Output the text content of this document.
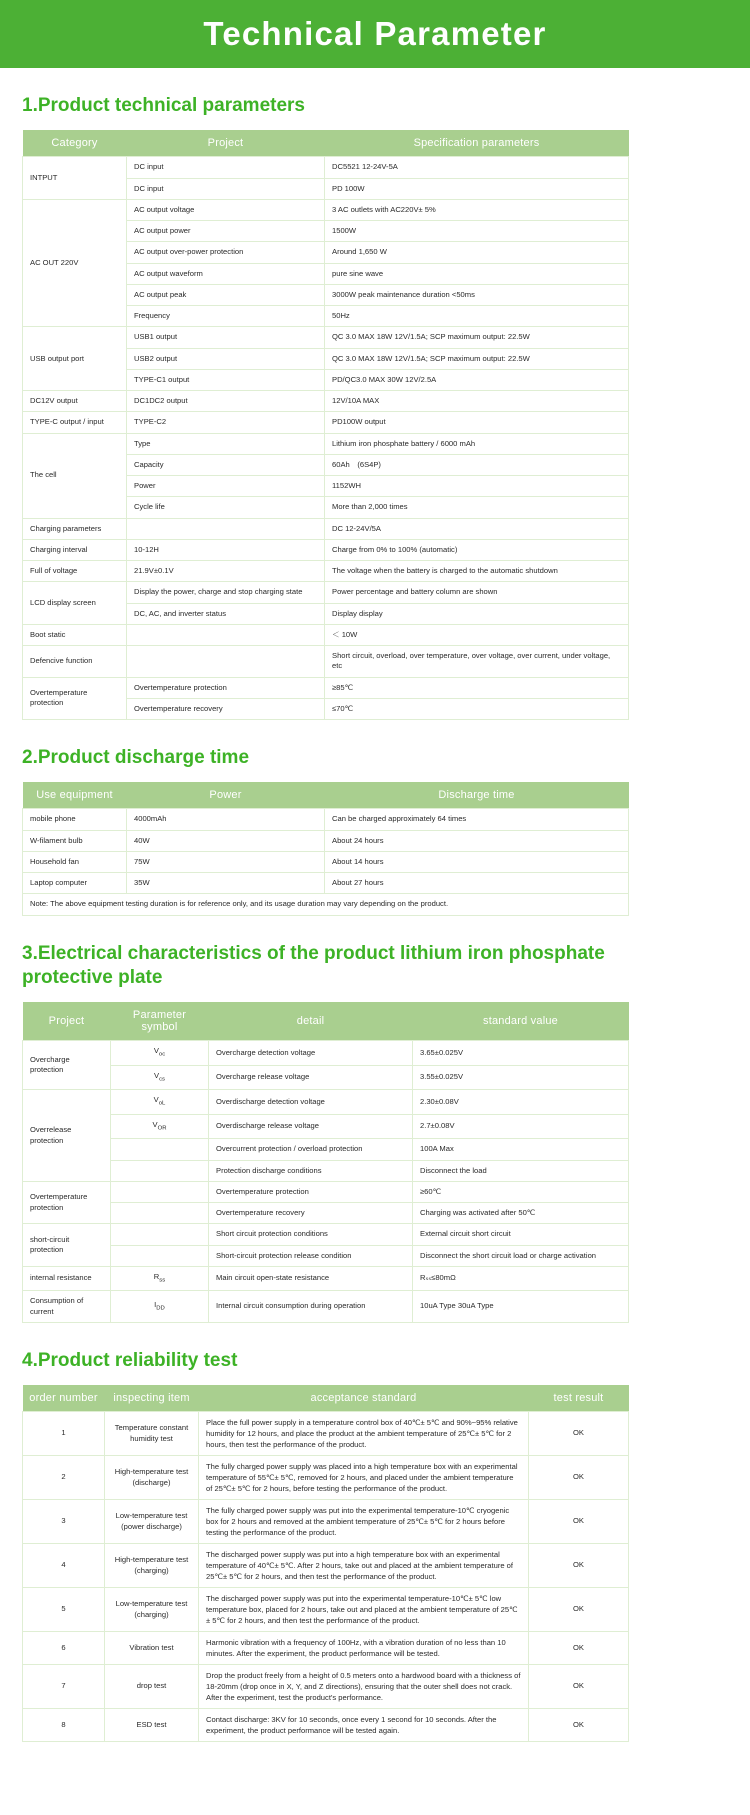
Technical Parameter
1.Product technical parameters
Category	Project	Specification parameters
INTPUT	DC input	DC5521 12-24V-5A
	DC input	PD 100W
AC OUT 220V	AC output voltage	3 AC outlets with AC220V± 5%
	AC output power	1500W
	AC output over-power protection	Around 1,650 W
	AC output waveform	pure sine wave
	AC output peak	3000W peak maintenance duration <50ms
	Frequency	50Hz
USB output port	USB1 output	QC 3.0 MAX 18W 12V/1.5A; SCP maximum output: 22.5W
	USB2 output	QC 3.0 MAX 18W 12V/1.5A; SCP maximum output: 22.5W
	TYPE-C1 output	PD/QC3.0 MAX 30W 12V/2.5A
DC12V output	DC1DC2 output	12V/10A MAX
TYPE-C output / input	TYPE-C2	PD100W output
The cell	Type	Lithium iron phosphate battery / 6000 mAh
	Capacity	60Ah　(6S4P)
	Power	1152WH
	Cycle life	More than 2,000 times
Charging parameters		DC 12-24V/5A
Charging interval	10-12H	Charge from 0% to 100% (automatic)
Full of voltage	21.9V±0.1V	The voltage when the battery is charged to the automatic shutdown
LCD display screen	Display the power, charge and stop charging state	Power percentage and battery column are shown
	DC, AC, and inverter status	Display display
Boot static		＜ 10W
Defencive function		Short circuit, overload, over temperature, over voltage, over current, under voltage, etc
Overtemperature protection	Overtemperature protection	≥85℃
	Overtemperature recovery	≤70℃
2.Product discharge time
Use equipment	Power	Discharge time
mobile phone	4000mAh	Can be charged approximately 64 times
W-filament bulb	40W	About 24 hours
Household fan	75W	About 14 hours
Laptop computer	35W	About 27 hours
Note: The above equipment testing duration is for reference only, and its usage duration may vary depending on the product.		
3.Electrical characteristics of the product lithium iron phosphate protective plate
Project	Parameter symbol	detail	standard value
Overcharge protection	$V_{oc}$	Overcharge detection voltage	3.65±0.025V
	$V_{cs}$	Overcharge release voltage	3.55±0.025V
Overrelease protection	$V_{oL}$	Overdischarge detection voltage	2.30±0.08V
	$V_{OR}$	Overdischarge release voltage	2.7±0.08V
		Overcurrent protection / overload protection	100A Max
		Protection discharge conditions	Disconnect the load
Overtemperature protection		Overtemperature protection	≥60℃
		Overtemperature recovery	Charging was activated after 50℃
short-circuit protection		Short circuit protection conditions	External circuit short circuit
		Short-circuit protection release condition	Disconnect the short circuit load or charge activation
internal resistance	$R_{ss}$	Main circuit open-state resistance	Rₛₛ≤80mΩ
Consumption of current	$I_{DD}$	Internal circuit consumption during operation	10uA Type 30uA Type
4.Product reliability test
order number	inspecting item	acceptance standard	test result
1	Temperature constant humidity test	Place the full power supply in a temperature control box of 40℃± 5℃ and 90%~95% relative humidity for 12 hours, and place the product at the ambient temperature of 25℃± 5℃ for 2 hours, then test the performance of the product.	OK
2	High-temperature test (discharge)	The fully charged power supply was placed into a high temperature box with an experimental temperature of 55℃± 5℃, removed for 2 hours, and placed under the ambient temperature of 25℃± 5℃ for 2 hours, before testing the performance of the product.	OK
3	Low-temperature test (power discharge)	The fully charged power supply was put into the experimental temperature-10℃ cryogenic box for 2 hours and removed at the ambient temperature of 25℃± 5℃ for 2 hours before testing the performance of the product.	OK
4	High-temperature test (charging)	The discharged power supply was put into a high temperature box with an experimental temperature of 40℃± 5℃. After 2 hours, take out and placed at the ambient temperature of 25℃± 5℃ for 2 hours, and then test the performance of the product.	OK
5	Low-temperature test (charging)	The discharged power supply was put into the experimental temperature-10℃± 5℃ low temperature box, placed for 2 hours, take out and placed at the ambient temperature of 25℃± 5℃ for 2 hours, and then test the performance of the product.	OK
6	Vibration test	Harmonic vibration with a frequency of 100Hz, with a vibration duration of no less than 10 minutes. After the experiment, the product performance will be tested.	OK
7	drop test	Drop the product freely from a height of 0.5 meters onto a hardwood board with a thickness of 18-20mm (drop once in X, Y, and Z directions), ensuring that the outer shell does not crack. After the experiment, test the product's performance.	OK
8	ESD test	Contact discharge: 3KV for 10 seconds, once every 1 second for 10 seconds. After the experiment, the product performance will be tested again.	OK
